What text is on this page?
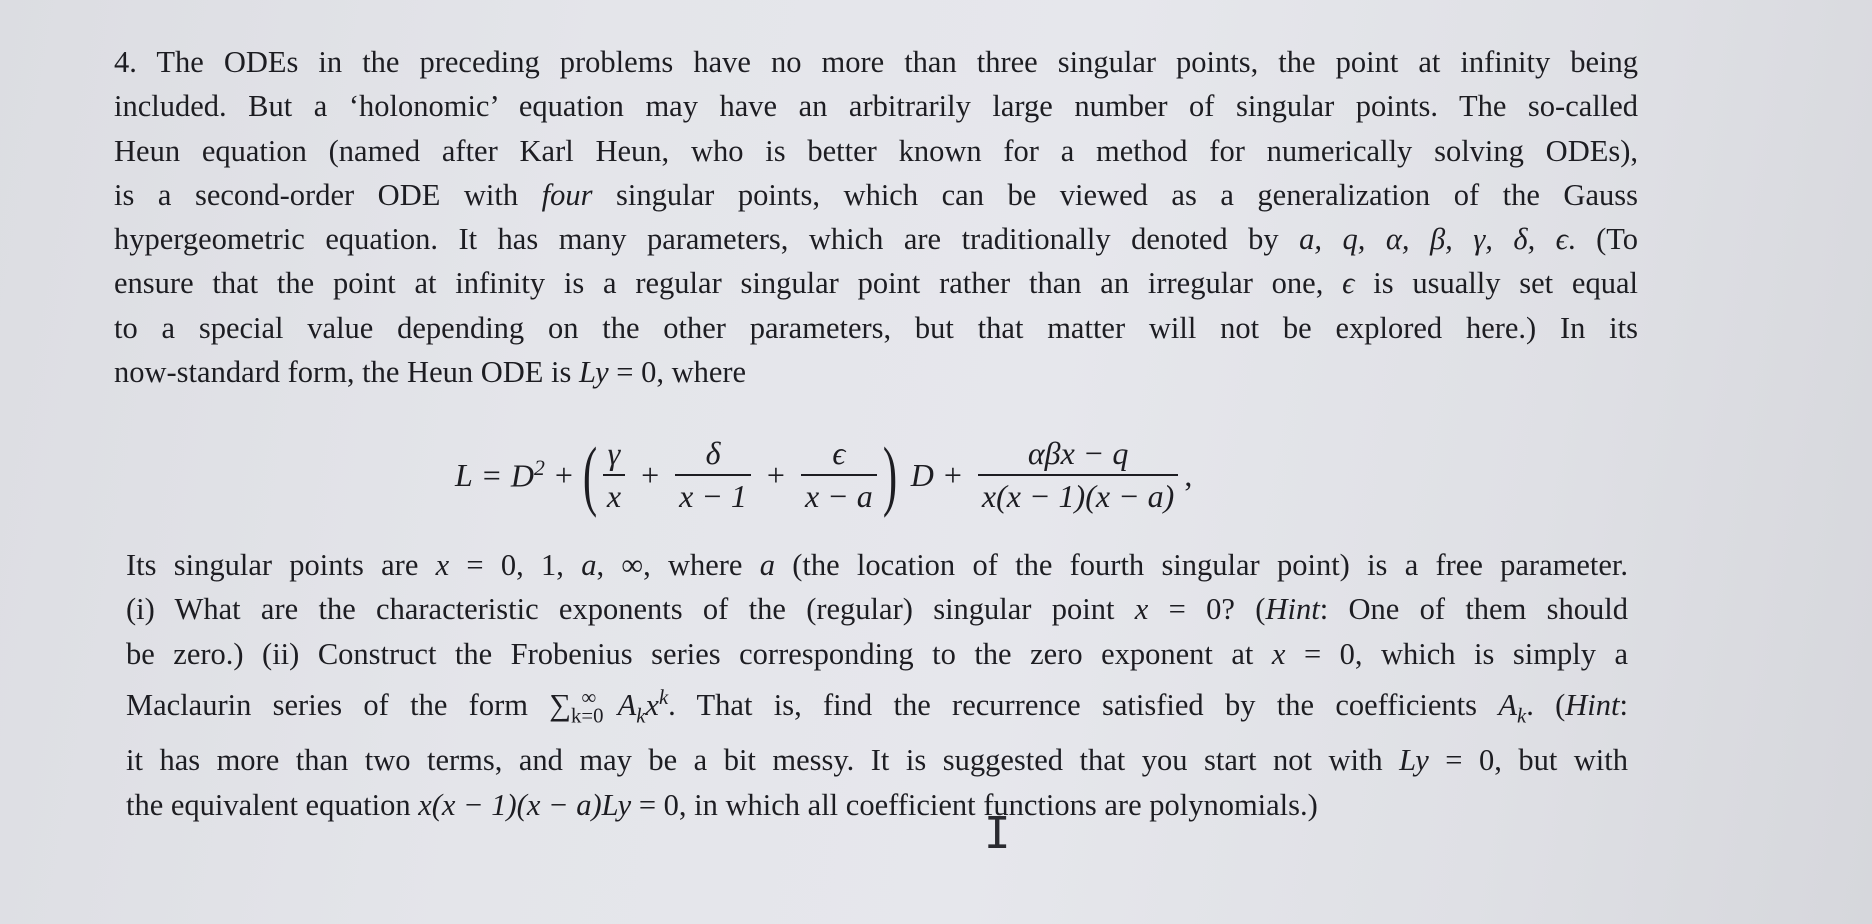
4. The ODEs in the preceding problems have no more than three singular points, the point at infinity being
included. But a ‘holonomic’ equation may have an arbitrarily large number of singular points. The so-called
Heun equation (named after Karl Heun, who is better known for a method for numerically solving ODEs),
is a second-order ODE with four singular points, which can be viewed as a generalization of the Gauss
hypergeometric equation. It has many parameters, which are traditionally denoted by a, q, α, β, γ, δ, ϵ. (To
ensure that the point at infinity is a regular singular point rather than an irregular one, ϵ is usually set equal
to a special value depending on the other parameters, but that matter will not be explored here.) In its
now-standard form, the Heun ODE is Ly = 0, where
$L = D^2$ + ( $\frac{\gamma}{x} + \frac{\delta}{x - 1} + \frac{\epsilon}{x - a}$ ) $D + \frac{\text{αβx − q}}{x(x - 1)(x - a)}$ ,
Its singular points are x = 0, 1, a, ∞, where a (the location of the fourth singular point) is a free parameter.
(i) What are the characteristic exponents of the (regular) singular point x = 0? (Hint: One of them should
be zero.) (ii) Construct the Frobenius series corresponding to the zero exponent at x = 0, which is simply a
Maclaurin series of the form $\sum_{k=0}^\infty$ $A_kx^k$. That is, find the recurrence satisfied by the coefficients $A_k$. (Hint:
it has more than two terms, and may be a bit messy. It is suggested that you start not with Ly = 0, but with
the equivalent equation x(x − 1)(x − a)Ly = 0, in which all coefficient functions are polynomials.)
I
